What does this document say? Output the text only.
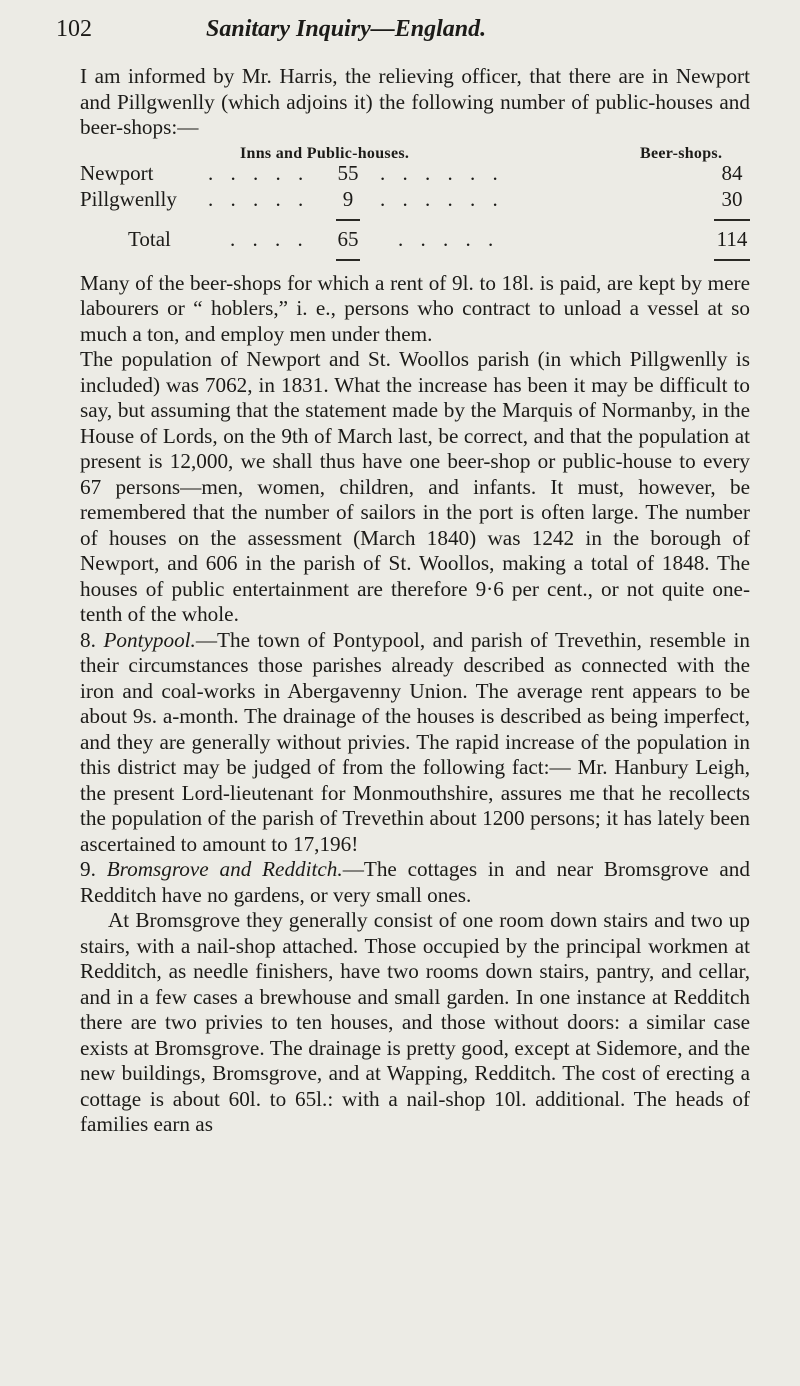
102	Sanitary Inquiry—England.

I am informed by Mr. Harris, the relieving officer, that there are in Newport and Pillgwenlly (which adjoins it) the following number of public-houses and beer-shops:—

Inns and Public-houses.	Beer-shops.
Newport	. . . . .	55	. . . . . .	84
Pillgwenlly . . . . .	9	. . . . . .	30
Total	. . . .	65	. . . . .	114

Many of the beer-shops for which a rent of 9l. to 18l. is paid, are kept by mere labourers or “ hoblers,” i. e., persons who contract to unload a vessel at so much a ton, and employ men under them.

The population of Newport and St. Woollos parish (in which Pillgwenlly is included) was 7062, in 1831. What the increase has been it may be difficult to say, but assuming that the statement made by the Marquis of Normanby, in the House of Lords, on the 9th of March last, be correct, and that the population at present is 12,000, we shall thus have one beer-shop or public-house to every 67 persons—men, women, children, and infants. It must, however, be remembered that the number of sailors in the port is often large. The number of houses on the assessment (March 1840) was 1242 in the borough of Newport, and 606 in the parish of St. Woollos, making a total of 1848. The houses of public entertainment are therefore 9·6 per cent., or not quite one-tenth of the whole.

8. Pontypool.—The town of Pontypool, and parish of Trevethin, resemble in their circumstances those parishes already described as connected with the iron and coal-works in Abergavenny Union. The average rent appears to be about 9s. a-month. The drainage of the houses is described as being imperfect, and they are generally without privies. The rapid increase of the population in this district may be judged of from the following fact:— Mr. Hanbury Leigh, the present Lord-lieutenant for Monmouthshire, assures me that he recollects the population of the parish of Trevethin about 1200 persons; it has lately been ascertained to amount to 17,196!

9. Bromsgrove and Redditch.—The cottages in and near Bromsgrove and Redditch have no gardens, or very small ones.

At Bromsgrove they generally consist of one room down stairs and two up stairs, with a nail-shop attached. Those occupied by the principal workmen at Redditch, as needle finishers, have two rooms down stairs, pantry, and cellar, and in a few cases a brewhouse and small garden. In one instance at Redditch there are two privies to ten houses, and those without doors: a similar case exists at Bromsgrove. The drainage is pretty good, except at Sidemore, and the new buildings, Bromsgrove, and at Wapping, Redditch. The cost of erecting a cottage is about 60l. to 65l.: with a nail-shop 10l. additional. The heads of families earn as
